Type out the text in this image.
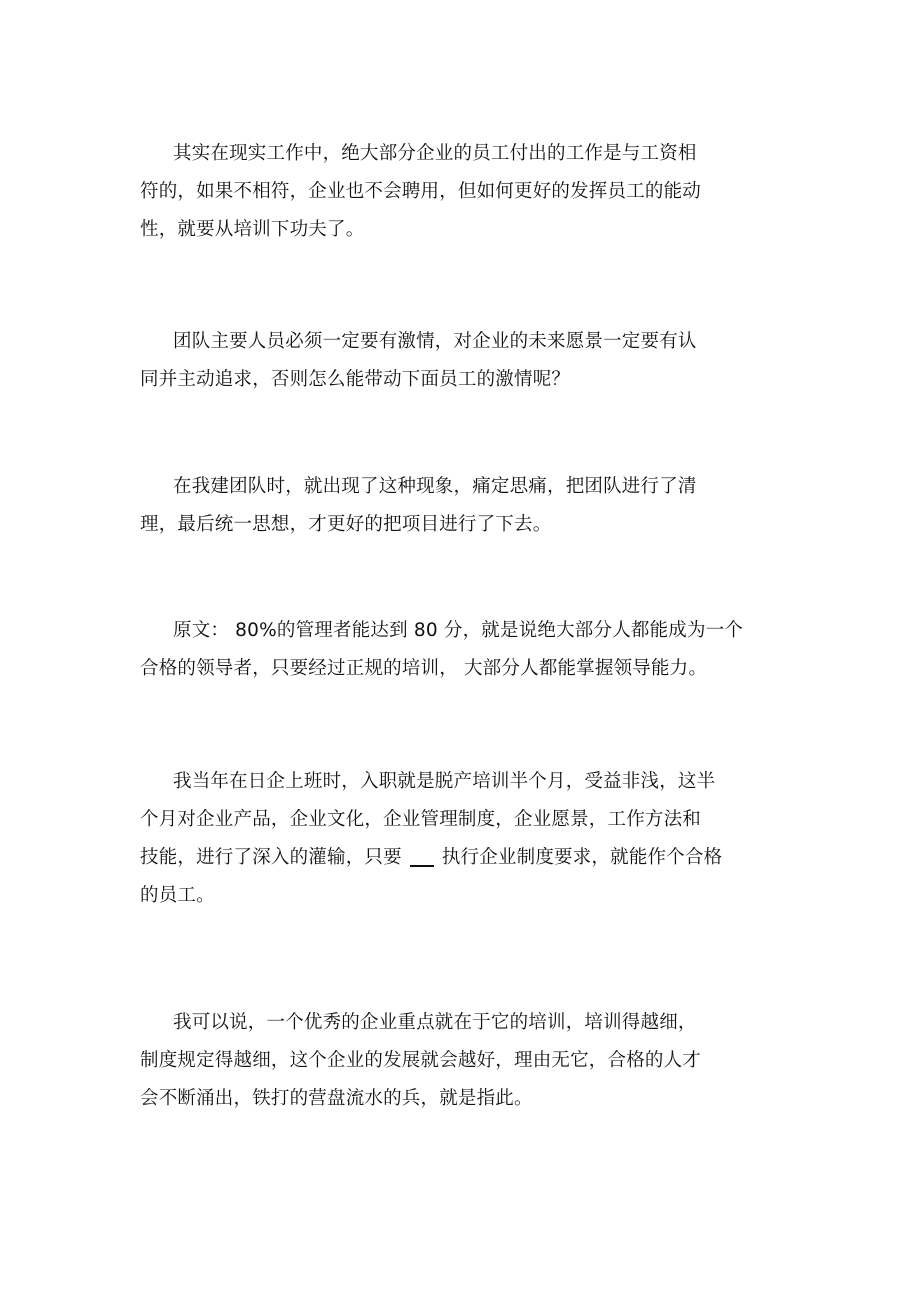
其实在现实工作中，绝大部分企业的员工付出的工作是与工资相
符的，如果不相符，企业也不会聘用，但如何更好的发挥员工的能动
性，就要从培训下功夫了。
团队主要人员必须一定要有激情，对企业的未来愿景一定要有认
同并主动追求，否则怎么能带动下面员工的激情呢？
在我建团队时，就出现了这种现象，痛定思痛，把团队进行了清
理，最后统一思想，才更好的把项目进行了下去。
原文： 80%的管理者能达到 80 分，就是说绝大部分人都能成为一个
合格的领导者，只要经过正规的培训， 大部分人都能掌握领导能力。
我当年在日企上班时，入职就是脱产培训半个月，受益非浅，这半
个月对企业产品，企业文化，企业管理制度，企业愿景，工作方法和
技能，进行了深入的灌输，只要 执行企业制度要求，就能作个合格
的员工。
我可以说，一个优秀的企业重点就在于它的培训，培训得越细，
制度规定得越细，这个企业的发展就会越好，理由无它，合格的人才
会不断涌出，铁打的营盘流水的兵，就是指此。
